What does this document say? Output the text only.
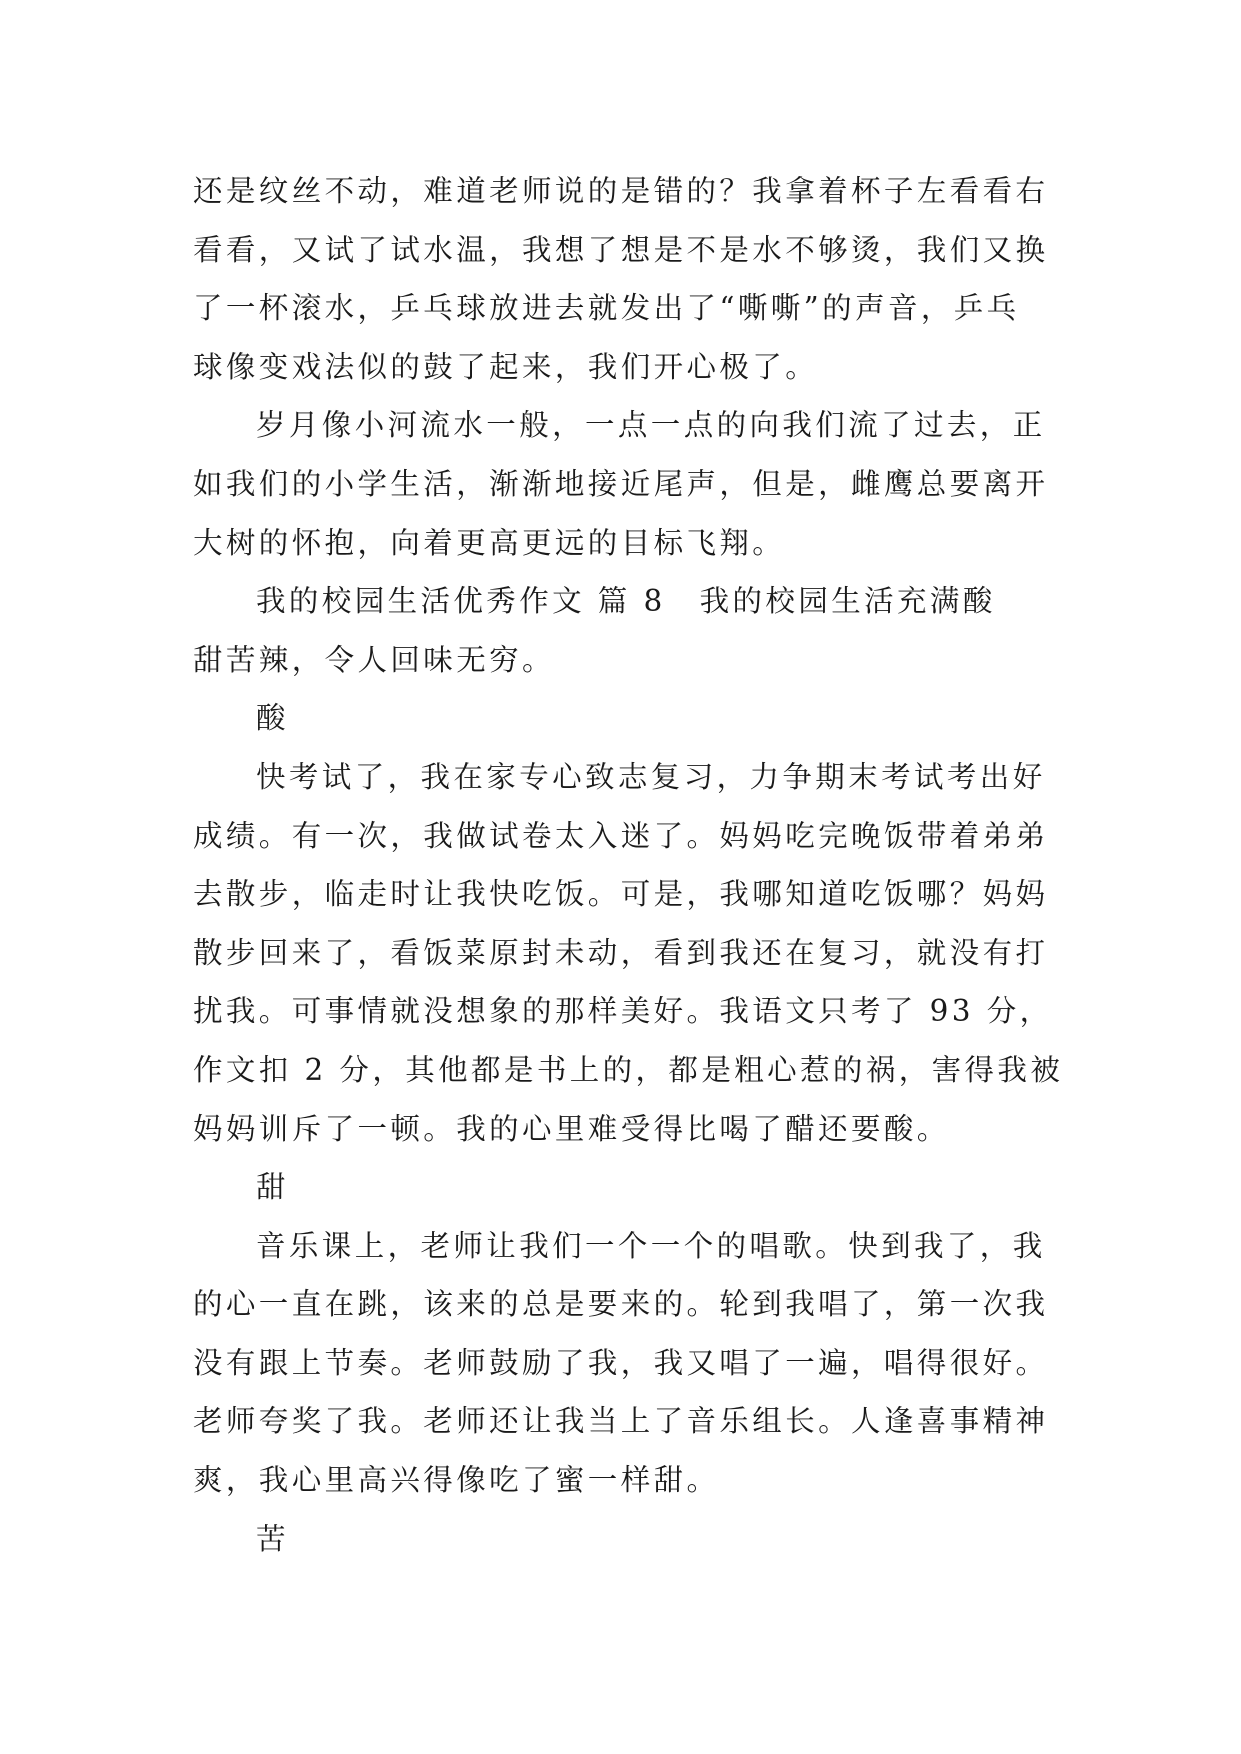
还是纹丝不动，难道老师说的是错的？我拿着杯子左看看右
看看，又试了试水温，我想了想是不是水不够烫，我们又换
了一杯滚水，乒乓球放进去就发出了“嘶嘶”的声音，乒乓
球像变戏法似的鼓了起来，我们开心极了。
岁月像小河流水一般，一点一点的向我们流了过去，正
如我们的小学生活，渐渐地接近尾声，但是，雌鹰总要离开
大树的怀抱，向着更高更远的目标飞翔。
我的校园生活优秀作文 篇 8 我的校园生活充满酸
甜苦辣，令人回味无穷。
酸
快考试了，我在家专心致志复习，力争期末考试考出好
成绩。有一次，我做试卷太入迷了。妈妈吃完晚饭带着弟弟
去散步，临走时让我快吃饭。可是，我哪知道吃饭哪？妈妈
散步回来了，看饭菜原封未动，看到我还在复习，就没有打
扰我。可事情就没想象的那样美好。我语文只考了 93 分，
作文扣 2 分，其他都是书上的，都是粗心惹的祸，害得我被
妈妈训斥了一顿。我的心里难受得比喝了醋还要酸。
甜
音乐课上，老师让我们一个一个的唱歌。快到我了，我
的心一直在跳，该来的总是要来的。轮到我唱了，第一次我
没有跟上节奏。老师鼓励了我，我又唱了一遍，唱得很好。
老师夸奖了我。老师还让我当上了音乐组长。人逢喜事精神
爽，我心里高兴得像吃了蜜一样甜。
苦
